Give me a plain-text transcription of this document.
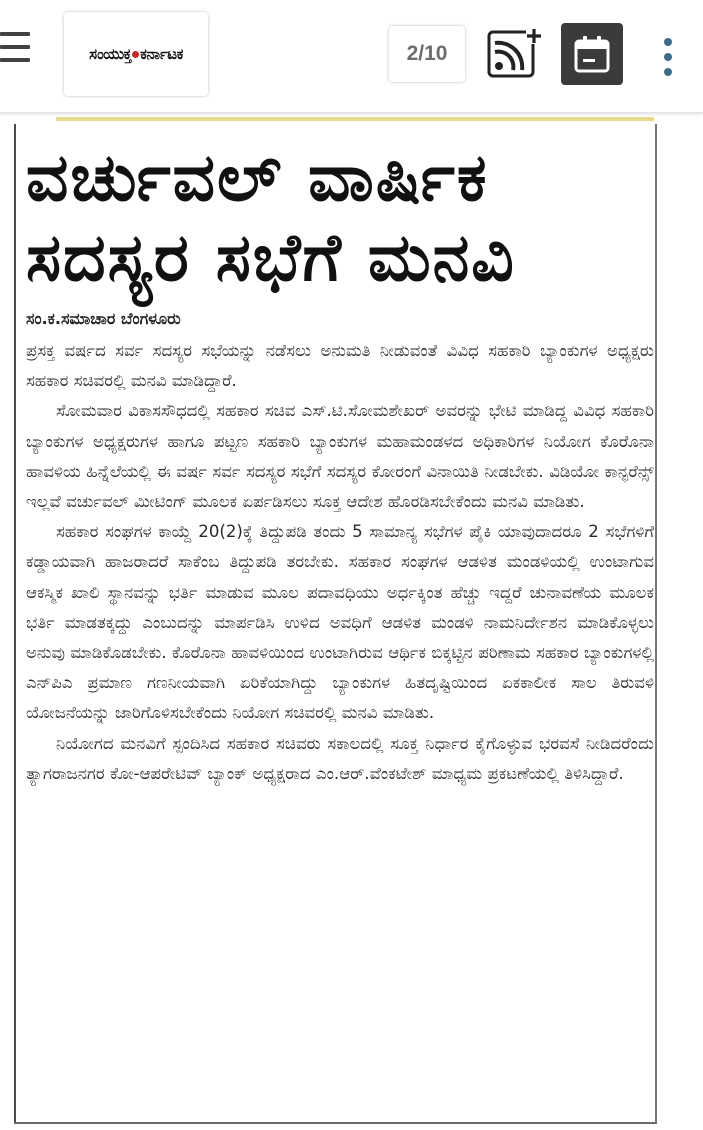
ಸಂಯುಕ್ತ ಕರ್ನಾಟಕ	2/10
ವರ್ಚುವಲ್ ವಾರ್ಷಿಕ
ಸದಸ್ಯರ ಸಭೆಗೆ ಮನವಿ
ಸಂ.ಕ.ಸಮಾಚಾರ ಬೆಂಗಳೂರು

ಪ್ರಸಕ್ತ ವರ್ಷದ ಸರ್ವ ಸದಸ್ಯರ ಸಭೆಯನ್ನು ನಡೆಸಲು ಅನುಮತಿ ನೀಡುವಂತೆ ವಿವಿಧ ಸಹಕಾರಿ ಬ್ಯಾಂಕುಗಳ ಅಧ್ಯಕ್ಷರು ಸಹಕಾರ ಸಚಿವರಲ್ಲಿ ಮನವಿ ಮಾಡಿದ್ದಾರೆ.

ಸೋಮವಾರ ವಿಕಾಸಸೌಧದಲ್ಲಿ ಸಹಕಾರ ಸಚಿವ ಎಸ್.ಟಿ.ಸೋಮಶೇಖರ್ ಅವರನ್ನು ಭೇಟಿ ಮಾಡಿದ್ದ ವಿವಿಧ ಸಹಕಾರಿ ಬ್ಯಾಂಕುಗಳ ಅಧ್ಯಕ್ಷರುಗಳ ಹಾಗೂ ಪಟ್ಟಣ ಸಹಕಾರಿ ಬ್ಯಾಂಕುಗಳ ಮಹಾಮಂಡಳದ ಅಧಿಕಾರಿಗಳ ನಿಯೋಗ ಕೊರೊನಾ ಹಾವಳಿಯ ಹಿನ್ನೆಲೆಯಲ್ಲಿ ಈ ವರ್ಷ ಸರ್ವ ಸದಸ್ಯರ ಸಭೆಗೆ ಸದಸ್ಯರ ಕೋರಂಗೆ ವಿನಾಯಿತಿ ನೀಡಬೇಕು. ವಿಡಿಯೋ ಕಾನ್ಫರೆನ್ಸ್ ಇಲ್ಲವೆ ವರ್ಚುವಲ್ ಮೀಟಿಂಗ್ ಮೂಲಕ ಏರ್ಪಡಿಸಲು ಸೂಕ್ತ ಆದೇಶ ಹೊರಡಿಸಬೇಕೆಂದು ಮನವಿ ಮಾಡಿತು.

ಸಹಕಾರ ಸಂಘಗಳ ಕಾಯ್ದೆ 20(2)ಕ್ಕೆ ತಿದ್ದುಪಡಿ ತಂದು 5 ಸಾಮಾನ್ಯ ಸಭೆಗಳ ಪೈಕಿ ಯಾವುದಾದರೂ 2 ಸಭೆಗಳಿಗೆ ಕಡ್ಡಾಯವಾಗಿ ಹಾಜರಾದರೆ ಸಾಕೆಂಬ ತಿದ್ದುಪಡಿ ತರಬೇಕು. ಸಹಕಾರ ಸಂಘಗಳ ಆಡಳಿತ ಮಂಡಳಿಯಲ್ಲಿ ಉಂಟಾಗುವ ಆಕಸ್ಮಿಕ ಖಾಲಿ ಸ್ಥಾನವನ್ನು ಭರ್ತಿ ಮಾಡುವ ಮೂಲ ಪದಾವಧಿಯು ಅರ್ಧಕ್ಕಿಂತ ಹೆಚ್ಚು ಇದ್ದರೆ ಚುನಾವಣೆಯ ಮೂಲಕ ಭರ್ತಿ ಮಾಡತಕ್ಕದ್ದು ಎಂಬುದನ್ನು ಮಾರ್ಪಡಿಸಿ ಉಳಿದ ಅವಧಿಗೆ ಆಡಳಿತ ಮಂಡಳಿ ನಾಮನಿರ್ದೇಶನ ಮಾಡಿಕೊಳ್ಳಲು ಅನುವು ಮಾಡಿಕೊಡಬೇಕು. ಕೊರೊನಾ ಹಾವಳಿಯಿಂದ ಉಂಟಾಗಿರುವ ಆರ್ಥಿಕ ಬಿಕ್ಕಟ್ಟಿನ ಪರಿಣಾಮ ಸಹಕಾರ ಬ್ಯಾಂಕುಗಳಲ್ಲಿ ಎನ್‌ಪಿಎ ಪ್ರಮಾಣ ಗಣನೀಯವಾಗಿ ಏರಿಕೆಯಾಗಿದ್ದು ಬ್ಯಾಂಕುಗಳ ಹಿತದೃಷ್ಟಿಯಿಂದ ಏಕಕಾಲೀಕ ಸಾಲ ತಿರುವಳಿ ಯೋಜನೆಯನ್ನು ಜಾರಿಗೊಳಿಸಬೇಕೆಂದು ನಿಯೋಗ ಸಚಿವರಲ್ಲಿ ಮನವಿ ಮಾಡಿತು.

ನಿಯೋಗದ ಮನವಿಗೆ ಸ್ಪಂದಿಸಿದ ಸಹಕಾರ ಸಚಿವರು ಸಕಾಲದಲ್ಲಿ ಸೂಕ್ತ ನಿರ್ಧಾರ ಕೈಗೊಳ್ಳುವ ಭರವಸೆ ನೀಡಿದರೆಂದು ತ್ಯಾಗರಾಜನಗರ ಕೋ-ಆಪರೇಟಿವ್ ಬ್ಯಾಂಕ್ ಅಧ್ಯಕ್ಷರಾದ ಎಂ.ಆರ್.ವೆಂಕಟೇಶ್ ಮಾಧ್ಯಮ ಪ್ರಕಟಣೆಯಲ್ಲಿ ತಿಳಿಸಿದ್ದಾರೆ.
